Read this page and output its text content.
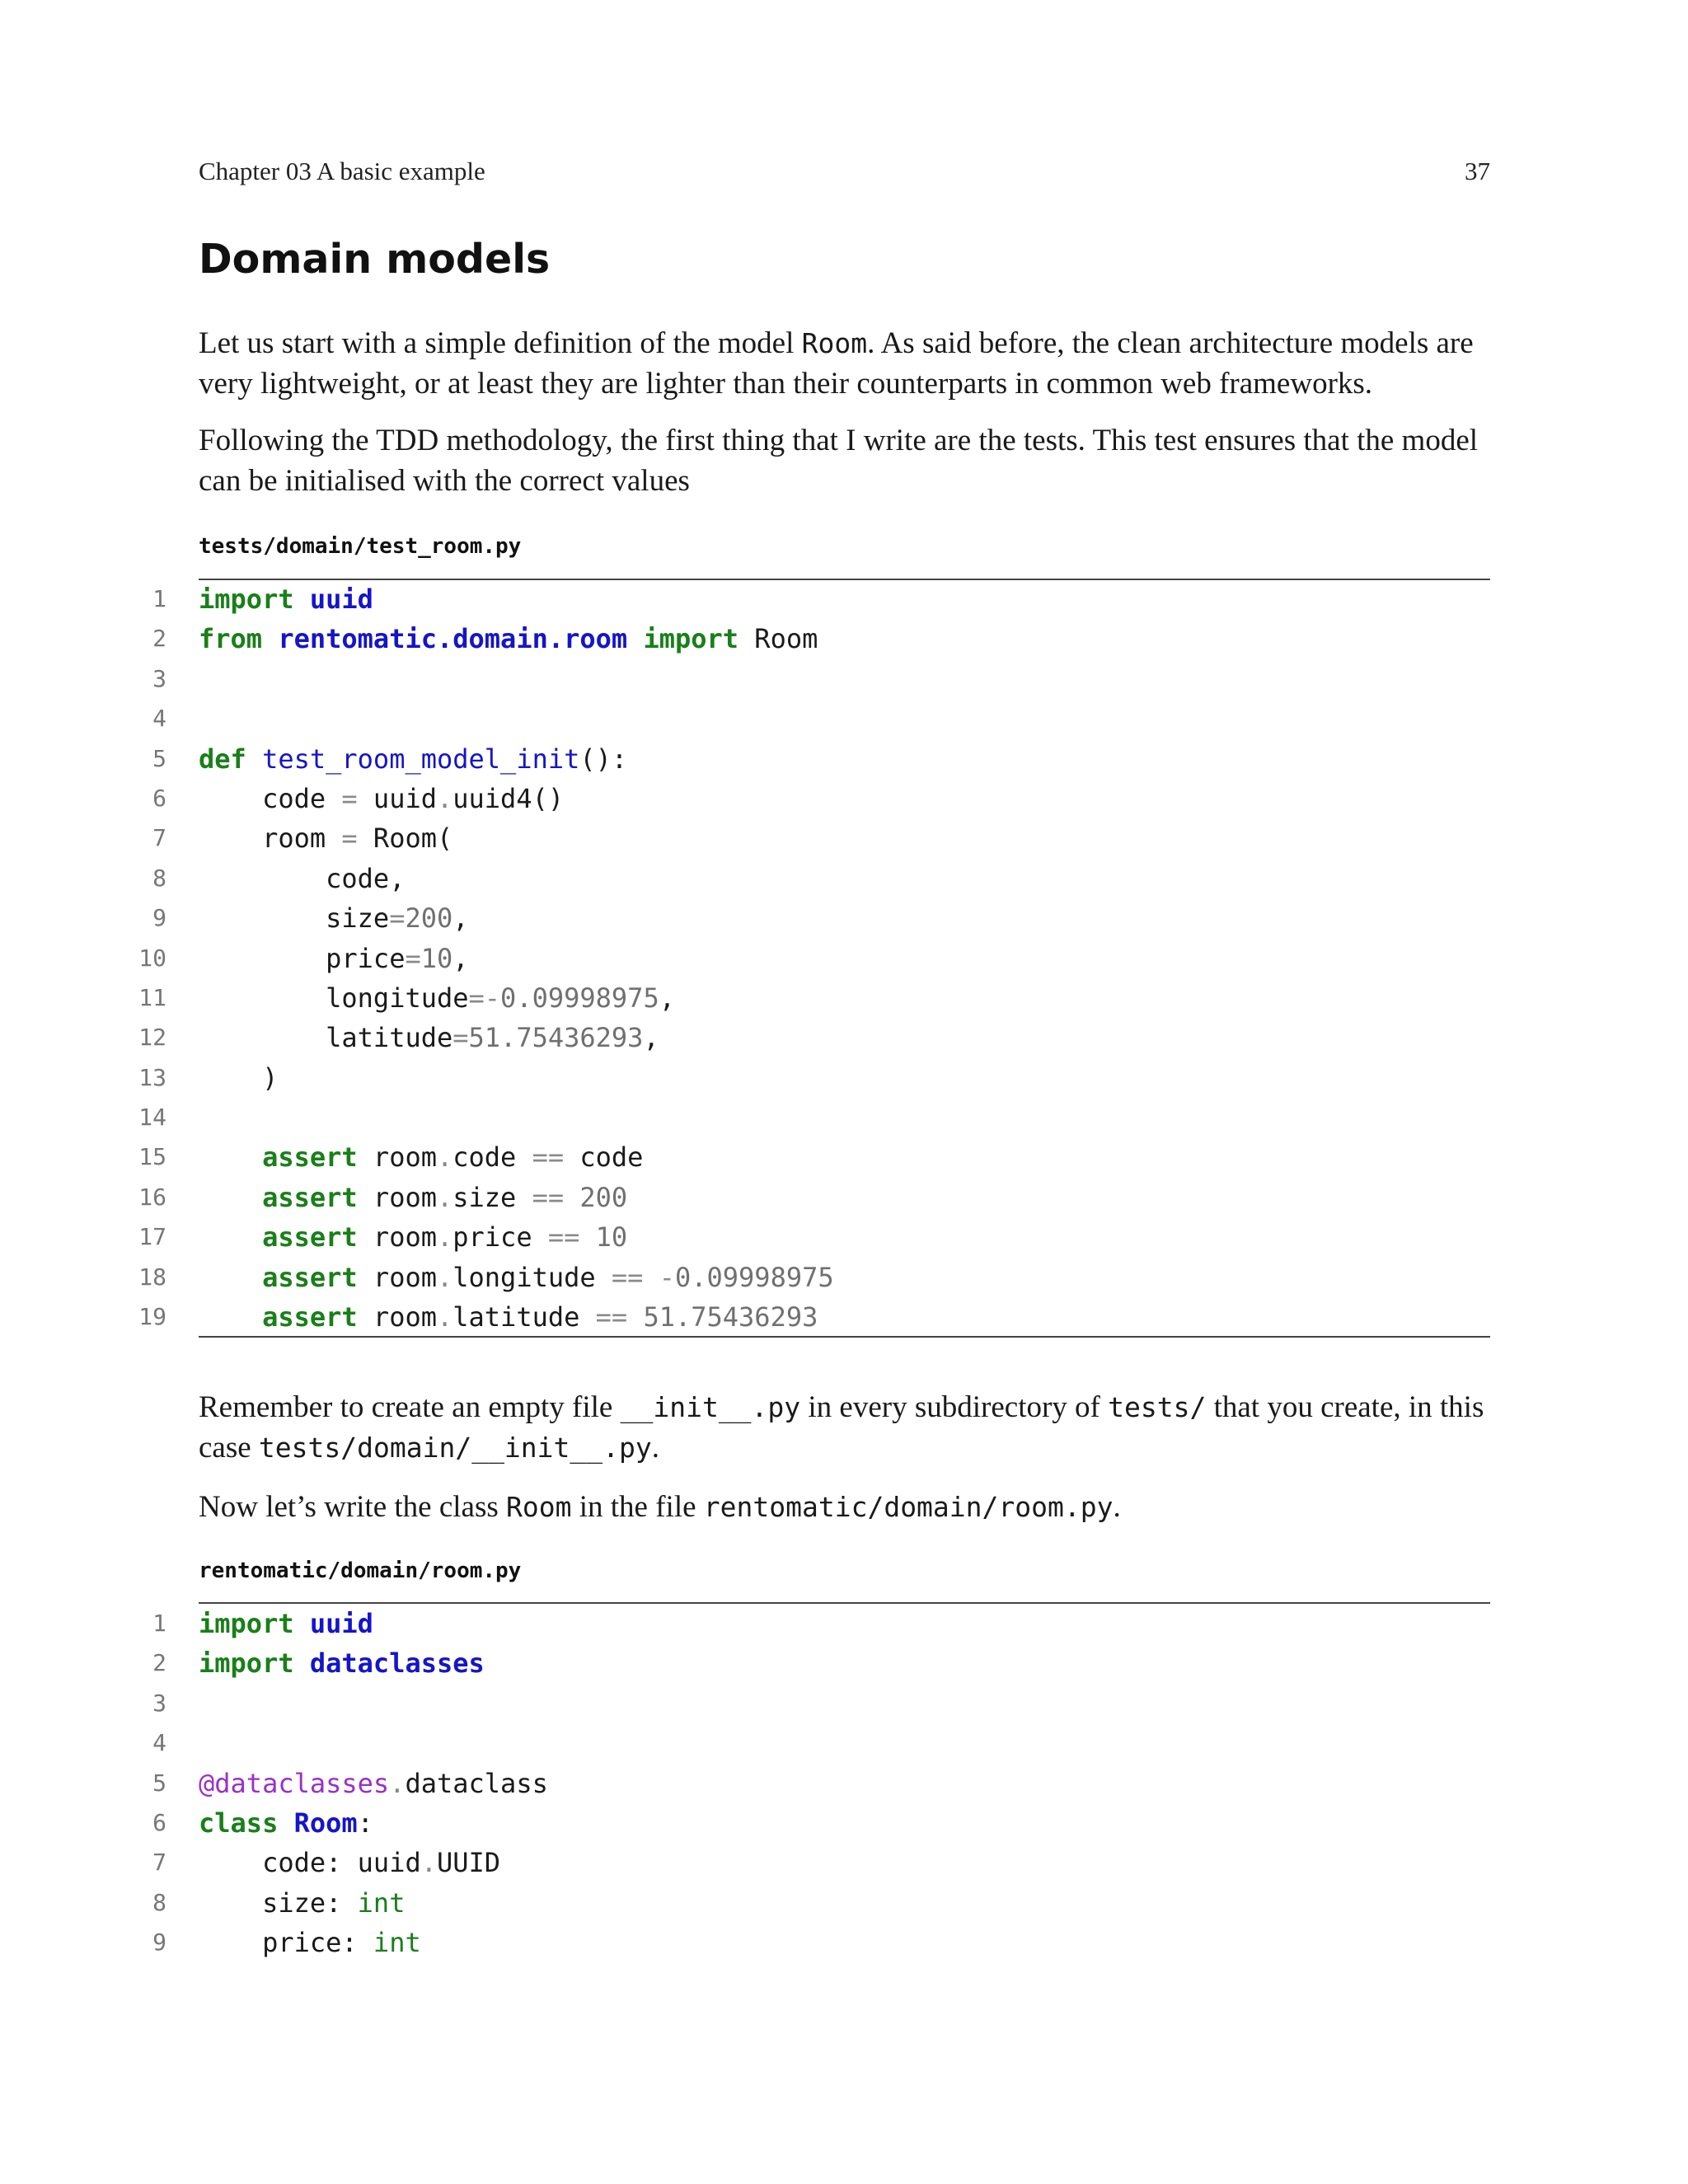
Chapter 03 A basic example	37
Domain models

Let us start with a simple definition of the model Room. As said before, the clean architecture models are very lightweight, or at least they are lighter than their counterparts in common web frameworks.

Following the TDD methodology, the first thing that I write are the tests. This test ensures that the model can be initialised with the correct values

tests/domain/test_room.py
1 import uuid
2 from rentomatic.domain.room import Room
3
4
5 def test_room_model_init():
6 code = uuid.uuid4()
7 room = Room(
8 code,
9 size=200,
10 price=10,
11 longitude=-0.09998975,
12 latitude=51.75436293,
13 )
14
15	assert room.code == code
16	assert room.size == 200
17	assert room.price == 10
18	assert room.longitude == -0.09998975
19	assert room.latitude == 51.75436293

Remember to create an empty file __init__.py in every subdirectory of tests/ that you create, in this case tests/domain/__init__.py.

Now let’s write the class Room in the file rentomatic/domain/room.py.

rentomatic/domain/room.py
1 import uuid
2 import dataclasses
3
4
5 @dataclasses.dataclass
6 class Room:
7 code: uuid.UUID
8 size: int
9 price: int
